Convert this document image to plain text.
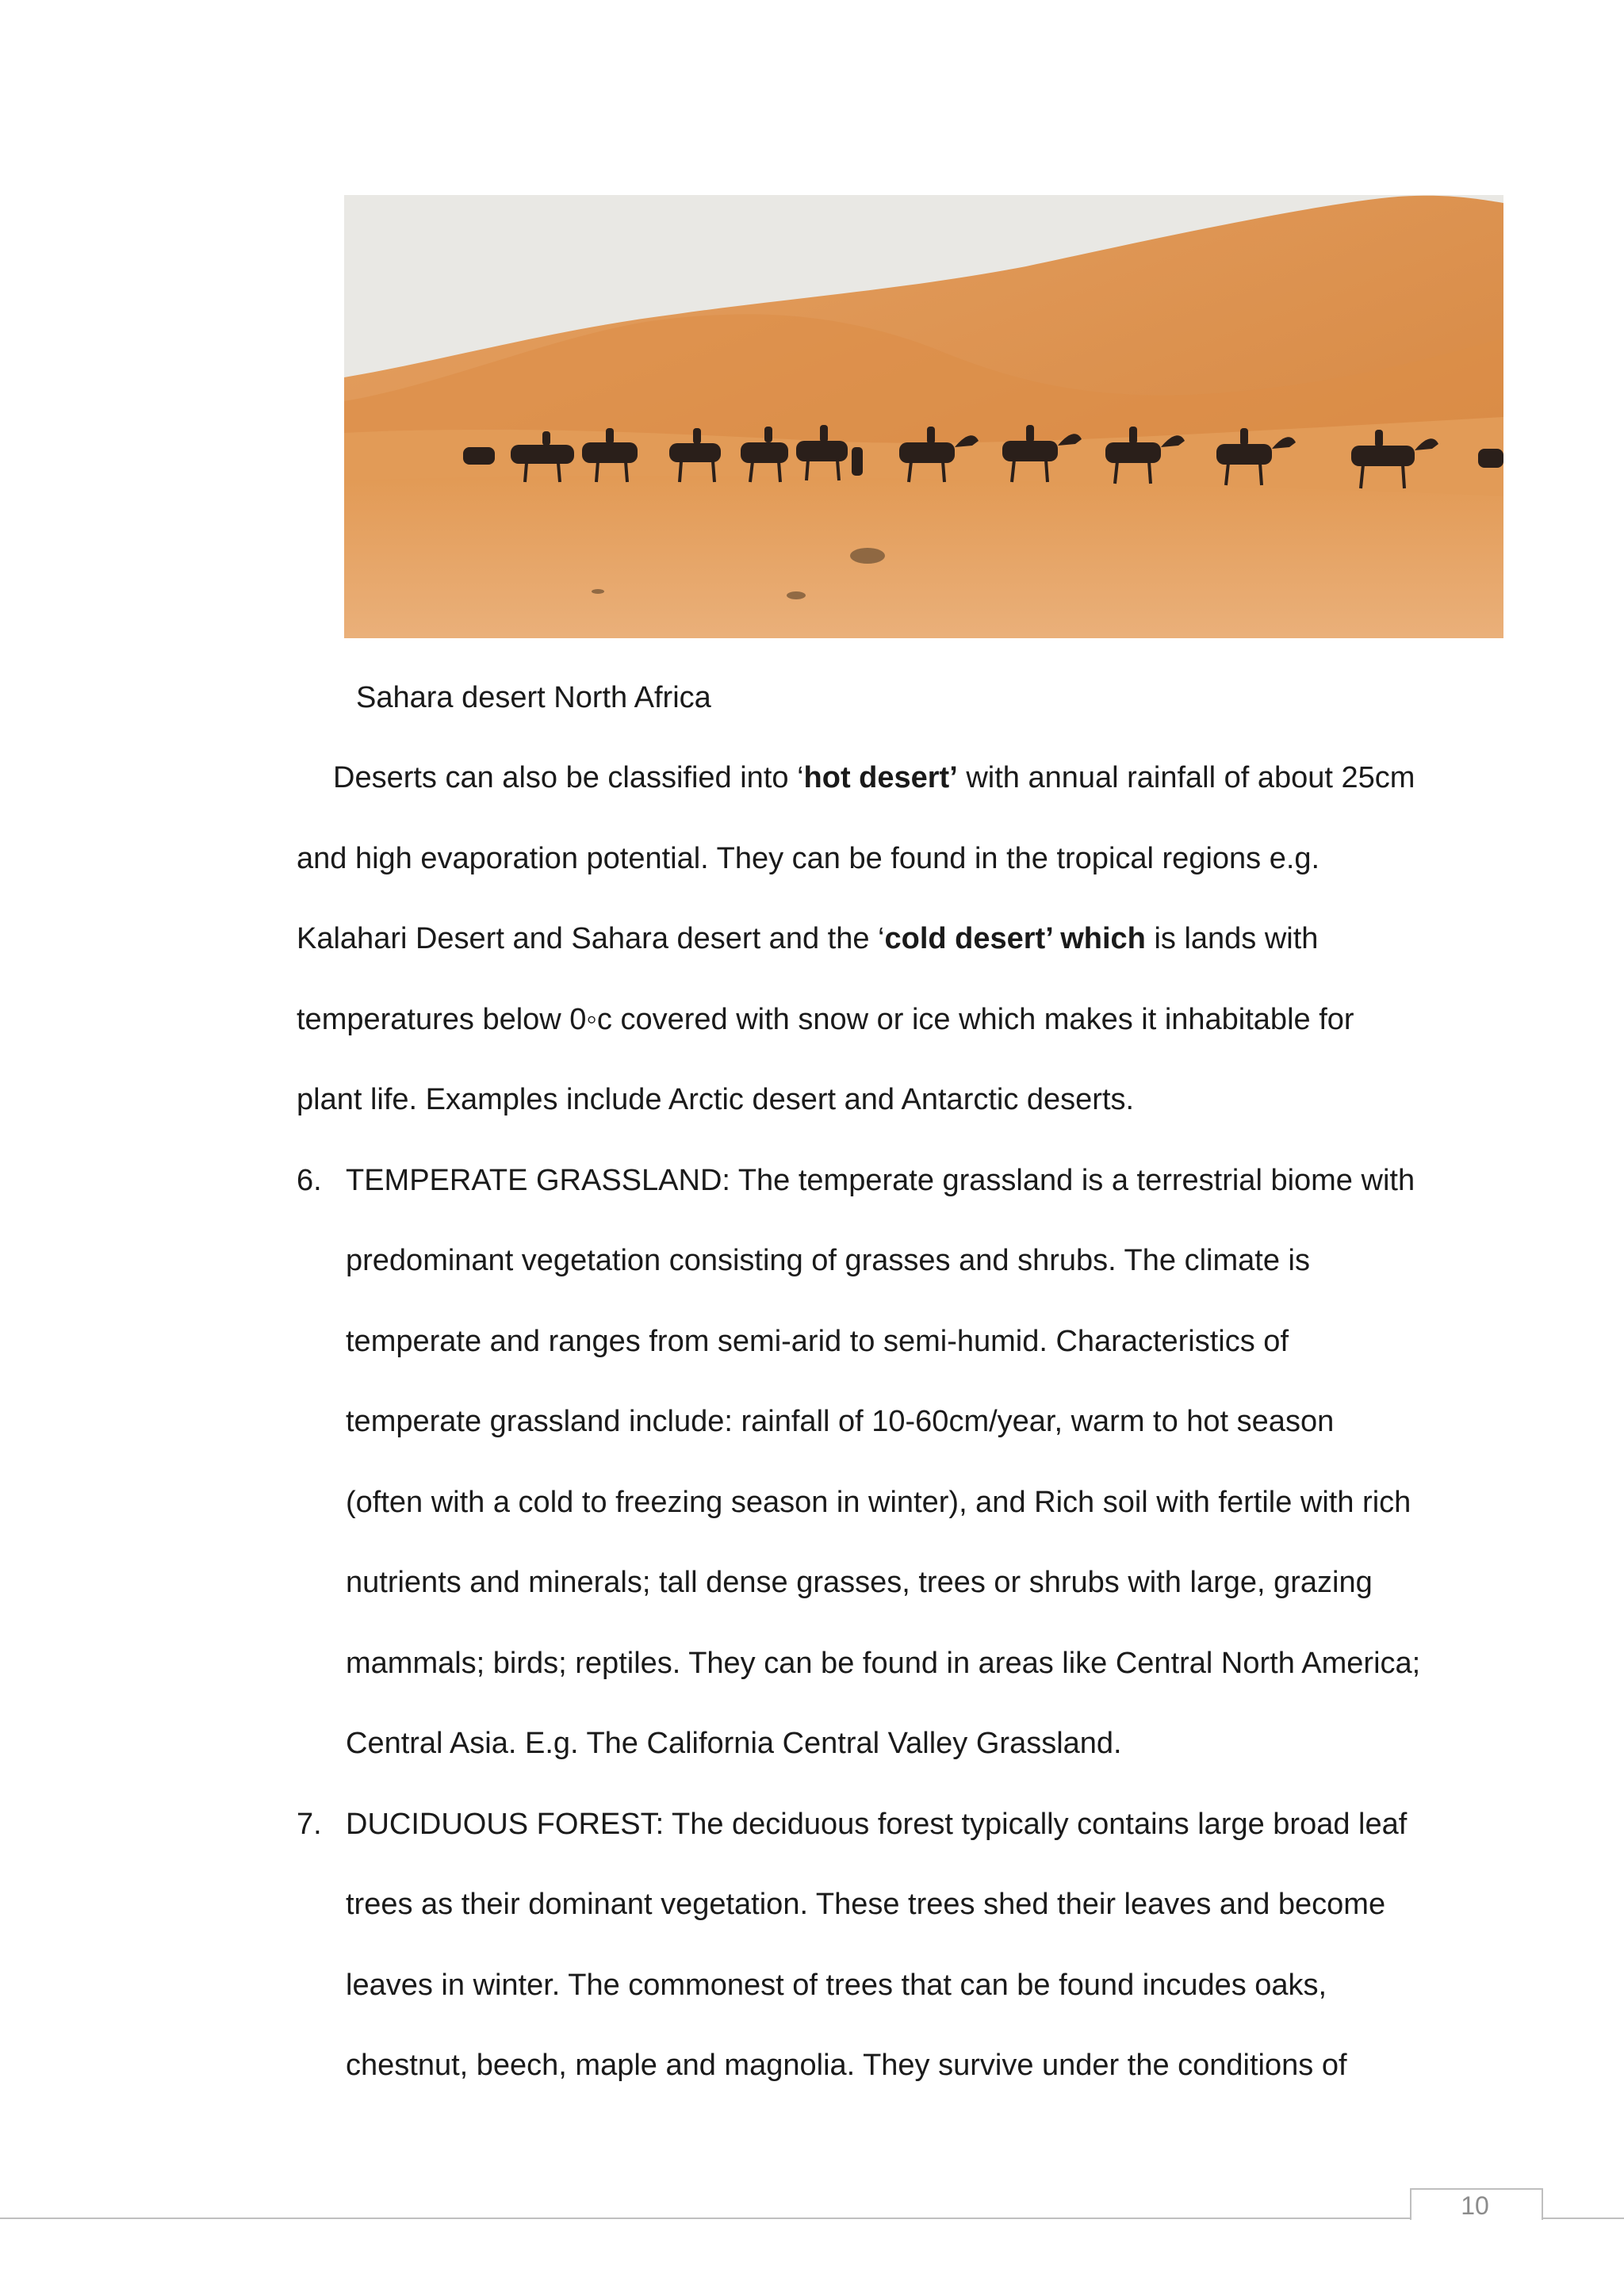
Sahara desert North Africa
Deserts can also be classified into ‘hot desert’ with annual rainfall of about 25cm
and high evaporation potential. They can be found in the tropical regions e.g.
Kalahari Desert and Sahara desert and the ‘cold desert’ which is lands with
temperatures below 0◦c covered with snow or ice which makes it inhabitable for
plant life. Examples include Arctic desert and Antarctic deserts.
6. TEMPERATE GRASSLAND: The temperate grassland is a terrestrial biome with
predominant vegetation consisting of grasses and shrubs. The climate is
temperate and ranges from semi-arid to semi-humid. Characteristics of
temperate grassland include: rainfall of 10-60cm/year, warm to hot season
(often with a cold to freezing season in winter), and Rich soil with fertile with rich
nutrients and minerals; tall dense grasses, trees or shrubs with large, grazing
mammals; birds; reptiles. They can be found in areas like Central North America;
Central Asia. E.g. The California Central Valley Grassland.
7. DUCIDUOUS FOREST: The deciduous forest typically contains large broad leaf
trees as their dominant vegetation. These trees shed their leaves and become
leaves in winter. The commonest of trees that can be found incudes oaks,
chestnut, beech, maple and magnolia. They survive under the conditions of
10
